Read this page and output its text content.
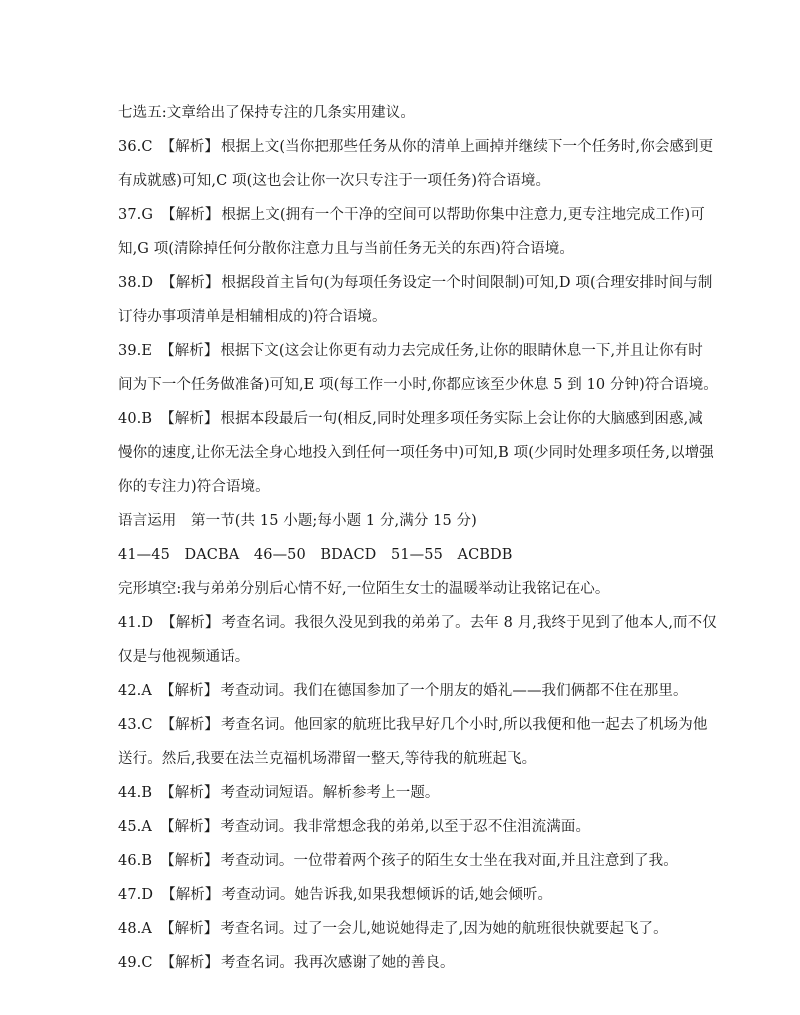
七选五:文章给出了保持专注的几条实用建议。
36.C 【解析】 根据上文(当你把那些任务从你的清单上画掉并继续下一个任务时,你会感到更
有成就感)可知,C 项(这也会让你一次只专注于一项任务)符合语境。
37.G 【解析】 根据上文(拥有一个干净的空间可以帮助你集中注意力,更专注地完成工作)可
知,G 项(清除掉任何分散你注意力且与当前任务无关的东西)符合语境。
38.D 【解析】 根据段首主旨句(为每项任务设定一个时间限制)可知,D 项(合理安排时间与制
订待办事项清单是相辅相成的)符合语境。
39.E 【解析】 根据下文(这会让你更有动力去完成任务,让你的眼睛休息一下,并且让你有时
间为下一个任务做准备)可知,E 项(每工作一小时,你都应该至少休息 5 到 10 分钟)符合语境。
40.B 【解析】 根据本段最后一句(相反,同时处理多项任务实际上会让你的大脑感到困惑,减
慢你的速度,让你无法全身心地投入到任何一项任务中)可知,B 项(少同时处理多项任务,以增强
你的专注力)符合语境。
语言运用　第一节(共 15 小题;每小题 1 分,满分 15 分)
41—45　DACBA　46—50　BDACD　51—55　ACBDB
完形填空:我与弟弟分别后心情不好,一位陌生女士的温暖举动让我铭记在心。
41.D 【解析】 考查名词。我很久没见到我的弟弟了。去年 8 月,我终于见到了他本人,而不仅
仅是与他视频通话。
42.A 【解析】 考查动词。我们在德国参加了一个朋友的婚礼——我们俩都不住在那里。
43.C 【解析】 考查名词。他回家的航班比我早好几个小时,所以我便和他一起去了机场为他
送行。然后,我要在法兰克福机场滞留一整天,等待我的航班起飞。
44.B 【解析】 考查动词短语。解析参考上一题。
45.A 【解析】 考查动词。我非常想念我的弟弟,以至于忍不住泪流满面。
46.B 【解析】 考查动词。一位带着两个孩子的陌生女士坐在我对面,并且注意到了我。
47.D 【解析】 考查动词。她告诉我,如果我想倾诉的话,她会倾听。
48.A 【解析】 考查名词。过了一会儿,她说她得走了,因为她的航班很快就要起飞了。
49.C 【解析】 考查名词。我再次感谢了她的善良。
